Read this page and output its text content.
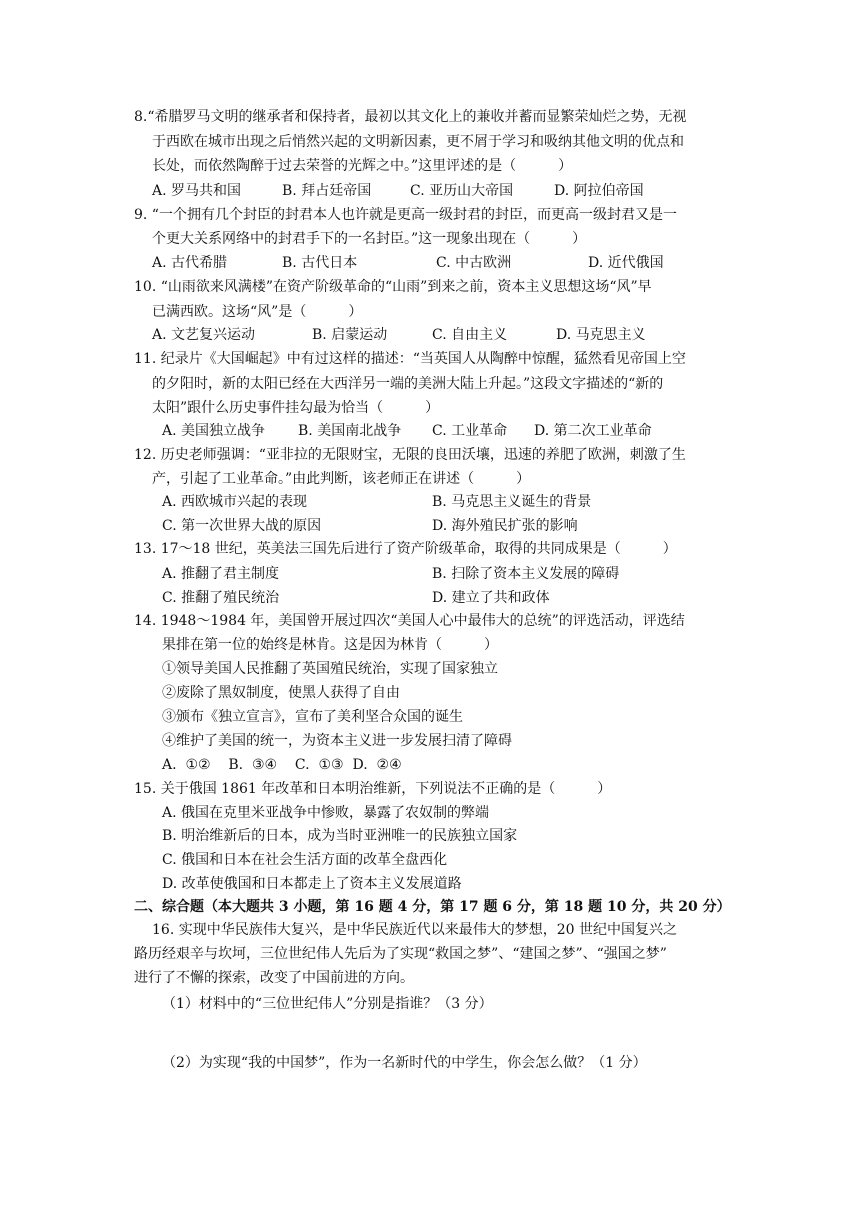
8.“希腊罗马文明的继承者和保持者，最初以其文化上的兼收并蓄而显繁荣灿烂之势，无视
于西欧在城市出现之后悄然兴起的文明新因素，更不屑于学习和吸纳其他文明的优点和
长处，而依然陶醉于过去荣誉的光辉之中。”这里评述的是（　　　）
A. 罗马共和国	B. 拜占廷帝国	C. 亚历山大帝国	D. 阿拉伯帝国
9. “一个拥有几个封臣的封君本人也许就是更高一级封君的封臣，而更高一级封君又是一
个更大关系网络中的封君手下的一名封臣。”这一现象出现在（　　　）
A. 古代希腊	B. 古代日本	C. 中古欧洲	D. 近代俄国
10. “山雨欲来风满楼”在资产阶级革命的“山雨”到来之前，资本主义思想这场“风”早
已满西欧。这场“风”是（　　　）
A. 文艺复兴运动	B. 启蒙运动	C. 自由主义	D. 马克思主义
11. 纪录片《大国崛起》中有过这样的描述：“当英国人从陶醉中惊醒，猛然看见帝国上空
的夕阳时，新的太阳已经在大西洋另一端的美洲大陆上升起。”这段文字描述的“新的
太阳”跟什么历史事件挂勾最为恰当（　　　）
A. 美国独立战争 B. 美国南北战争 C. 工业革命 D. 第二次工业革命
12. 历史老师强调：“亚非拉的无限财宝，无限的良田沃壤，迅速的养肥了欧洲，刺激了生
产，引起了工业革命。”由此判断，该老师正在讲述（　　　）
A. 西欧城市兴起的表现	B. 马克思主义诞生的背景
C. 第一次世界大战的原因	D. 海外殖民扩张的影响
13. 17～18 世纪，英美法三国先后进行了资产阶级革命，取得的共同成果是（　　　）
A. 推翻了君主制度	B. 扫除了资本主义发展的障碍
C. 推翻了殖民统治	D. 建立了共和政体
14. 1948～1984 年，美国曾开展过四次“美国人心中最伟大的总统”的评选活动，评选结
果排在第一位的始终是林肯。这是因为林肯（　　　）
①领导美国人民推翻了英国殖民统治，实现了国家独立
②废除了黑奴制度，使黑人获得了自由
③颁布《独立宣言》，宣布了美利坚合众国的诞生
④维护了美国的统一，为资本主义进一步发展扫清了障碍
A.  ①②    B.  ③④    C.  ①③  D.  ②④
15. 关于俄国 1861 年改革和日本明治维新，下列说法不正确的是（　　　）
A. 俄国在克里米亚战争中惨败，暴露了农奴制的弊端
B. 明治维新后的日本，成为当时亚洲唯一的民族独立国家
C. 俄国和日本在社会生活方面的改革全盘西化
D. 改革使俄国和日本都走上了资本主义发展道路
二、综合题（本大题共 3 小题，第 16 题 4 分，第 17 题 6 分，第 18 题 10 分，共 20 分）
16. 实现中华民族伟大复兴，是中华民族近代以来最伟大的梦想，20 世纪中国复兴之
路历经艰辛与坎坷，三位世纪伟人先后为了实现“救国之梦”、“建国之梦”、“强国之梦”
进行了不懈的探索，改变了中国前进的方向。
（1）材料中的“三位世纪伟人”分别是指谁？（3 分）
（2）为实现“我的中国梦”，作为一名新时代的中学生，你会怎么做？（1 分）
